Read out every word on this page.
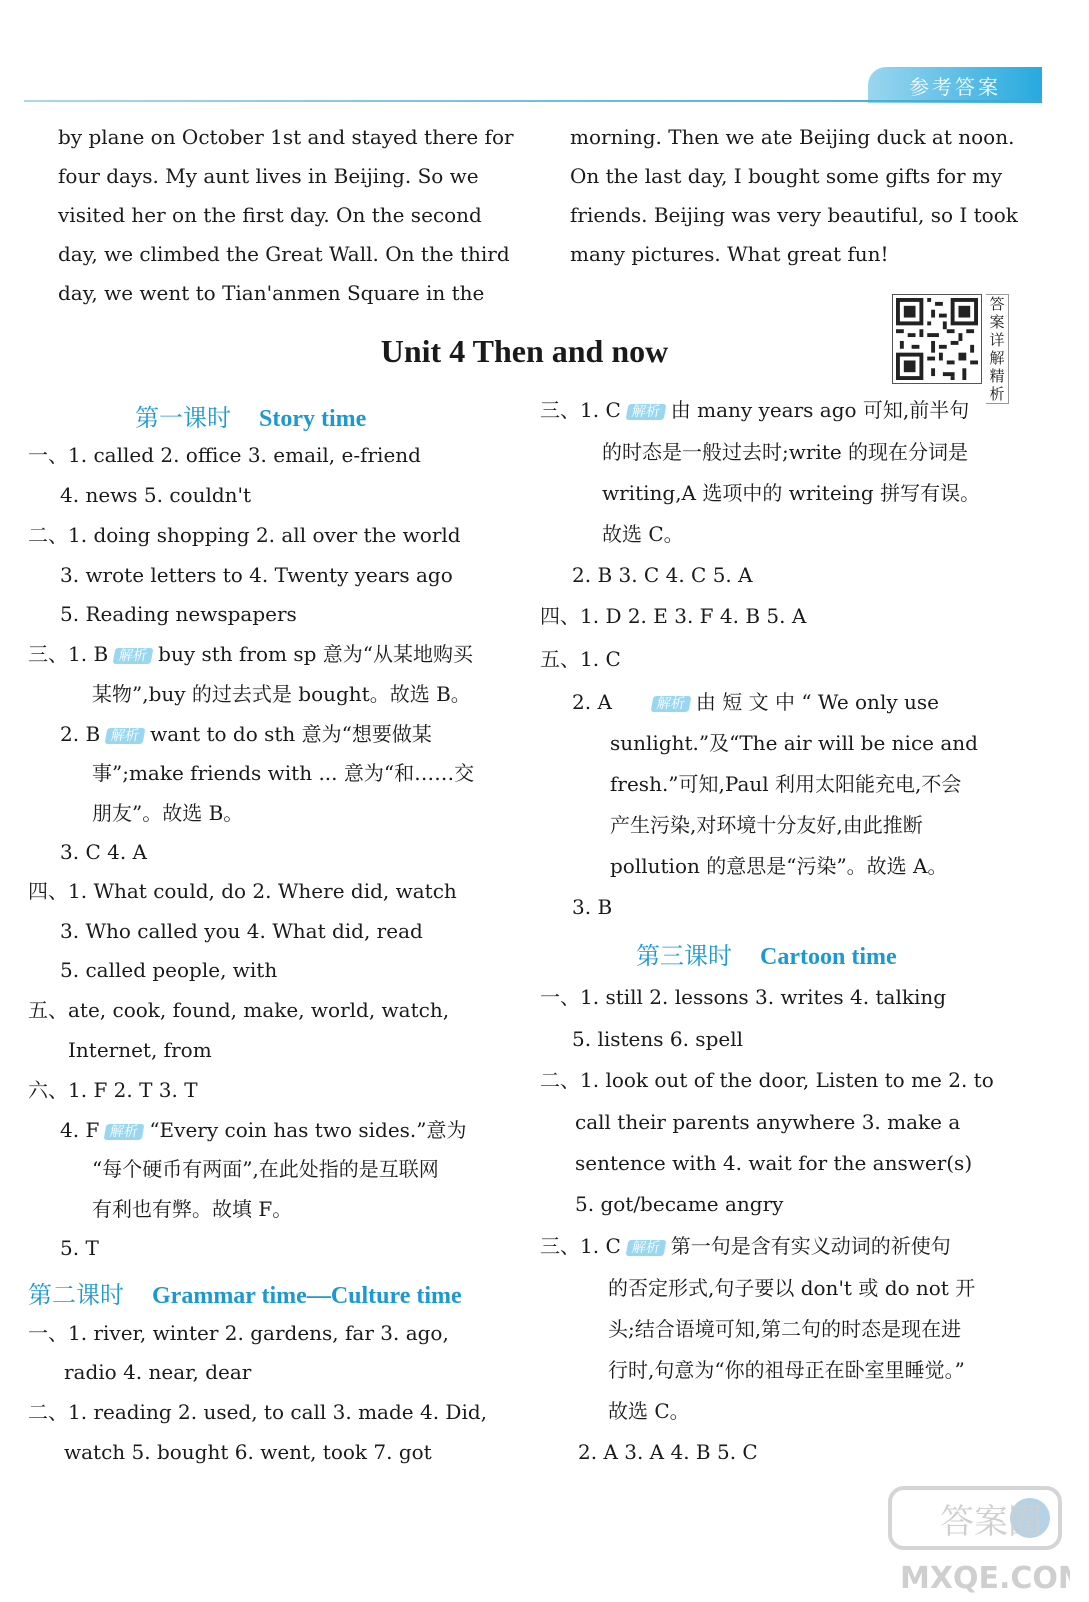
参考答案
by plane on October 1st and stayed there for
four days. My aunt lives in Beijing. So we
visited her on the first day. On the second
day, we climbed the Great Wall. On the third
day, we went to Tian'anmen Square in the
morning. Then we ate Beijing duck at noon.
On the last day, I bought some gifts for my
friends. Beijing was very beautiful, so I took
many pictures. What great fun!
答案详解精析
Unit 4 Then and now
第一课时 Story time
第二课时 Grammar time—Culture time
第三课时 Cartoon time
一、1. called 2. office 3. email, e-friend
4. news 5. couldn't
二、1. doing shopping 2. all over the world
3. wrote letters to 4. Twenty years ago
5. Reading newspapers
三、1. B 解析 buy sth from sp 意为“从某地购买
某物”,buy 的过去式是 bought。故选 B。
2. B 解析 want to do sth 意为“想要做某
事”;make friends with ... 意为“和……交
朋友”。故选 B。
3. C 4. A
四、1. What could, do 2. Where did, watch
3. Who called you 4. What did, read
5. called people, with
五、ate, cook, found, make, world, watch,
Internet, from
六、1. F 2. T 3. T
4. F 解析 “Every coin has two sides.”意为
“每个硬币有两面”,在此处指的是互联网
有利也有弊。故填 F。
5. T
一、1. river, winter 2. gardens, far 3. ago,
radio 4. near, dear
二、1. reading 2. used, to call 3. made 4. Did,
watch 5. bought 6. went, took 7. got
三、1. C 解析 由 many years ago 可知,前半句
的时态是一般过去时;write 的现在分词是
writing,A 选项中的 writeing 拼写有误。
故选 C。
2. B 3. C 4. C 5. A
四、1. D 2. E 3. F 4. B 5. A
五、1. C
2. A	解析 由 短 文 中 “ We only use
sunlight.”及“The air will be nice and
fresh.”可知,Paul 利用太阳能充电,不会
产生污染,对环境十分友好,由此推断
pollution 的意思是“污染”。故选 A。
3. B
一、1. still 2. lessons 3. writes 4. talking
5. listens 6. spell
二、1. look out of the door, Listen to me 2. to
call their parents anywhere 3. make a
sentence with 4. wait for the answer(s)
5. got/became angry
三、1. C 解析 第一句是含有实义动词的祈使句
的否定形式,句子要以 don't 或 do not 开
头;结合语境可知,第二句的时态是现在进
行时,句意为“你的祖母正在卧室里睡觉。”
故选 C。
2. A 3. A 4. B 5. C
答案圈
MXQE.COM
